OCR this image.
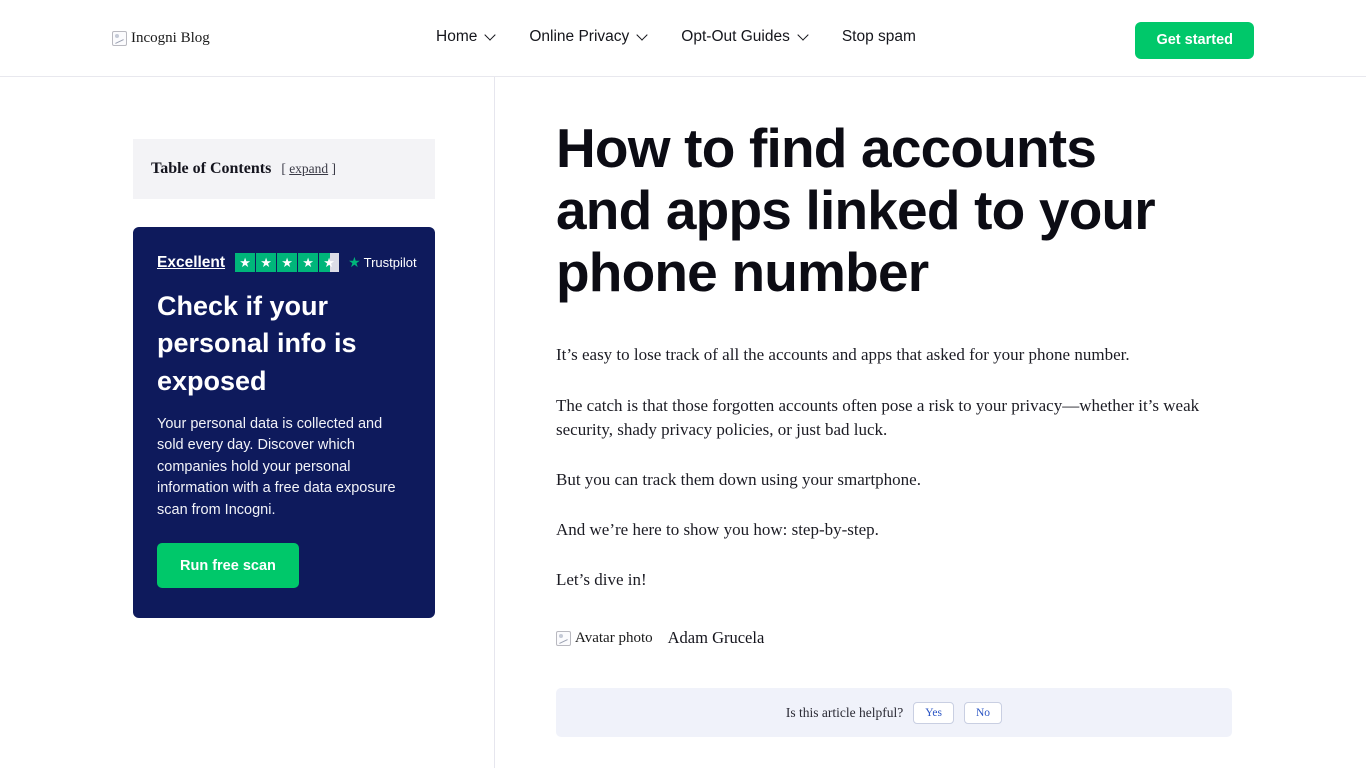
Incogni Blog	Home	Online Privacy	Opt-Out Guides	Stop spam	Get started
Table of Contents [ expand ]
Excellent	★ ★ ★ ★ ★ ★ Trustpilot
Check if your personal info is exposed

Your personal data is collected and sold every day. Discover which companies hold your personal information with a free data exposure scan from Incogni.

Run free scan
How to find accounts and apps linked to your phone number

It’s easy to lose track of all the accounts and apps that asked for your phone number.

The catch is that those forgotten accounts often pose a risk to your privacy—whether it’s weak security, shady privacy policies, or just bad luck.

But you can track them down using your smartphone.

And we’re here to show you how: step-by-step.

Let’s dive in!

Avatar photo Adam Grucela
Is this article helpful?	Yes	No
